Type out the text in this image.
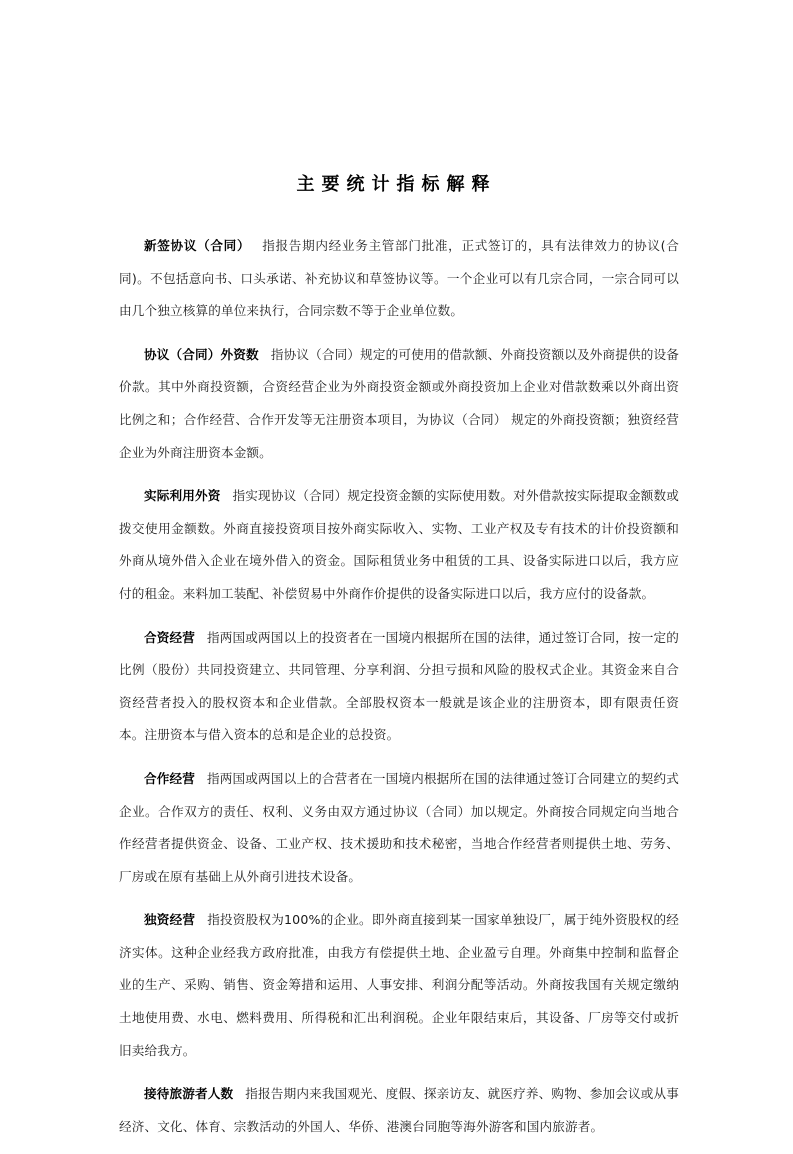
主要统计指标解释

新签协议（合同） 指报告期内经业务主管部门批准，正式签订的，具有法律效力的协议(合同)。不包括意向书、口头承诺、补充协议和草签协议等。一个企业可以有几宗合同，一宗合同可以由几个独立核算的单位来执行，合同宗数不等于企业单位数。

协议（合同）外资数 指协议（合同）规定的可使用的借款额、外商投资额以及外商提供的设备价款。其中外商投资额，合资经营企业为外商投资金额或外商投资加上企业对借款数乘以外商出资比例之和；合作经营、合作开发等无注册资本项目，为协议（合同） 规定的外商投资额；独资经营企业为外商注册资本金额。

实际利用外资 指实现协议（合同）规定投资金额的实际使用数。对外借款按实际提取金额数或拨交使用金额数。外商直接投资项目按外商实际收入、实物、工业产权及专有技术的计价投资额和外商从境外借入企业在境外借入的资金。国际租赁业务中租赁的工具、设备实际进口以后，我方应付的租金。来料加工装配、补偿贸易中外商作价提供的设备实际进口以后，我方应付的设备款。

合资经营 指两国或两国以上的投资者在一国境内根据所在国的法律，通过签订合同，按一定的比例（股份）共同投资建立、共同管理、分享利润、分担亏损和风险的股权式企业。其资金来自合资经营者投入的股权资本和企业借款。全部股权资本一般就是该企业的注册资本，即有限责任资本。注册资本与借入资本的总和是企业的总投资。

合作经营 指两国或两国以上的合营者在一国境内根据所在国的法律通过签订合同建立的契约式企业。合作双方的责任、权利、义务由双方通过协议（合同）加以规定。外商按合同规定向当地合作经营者提供资金、设备、工业产权、技术援助和技术秘密，当地合作经营者则提供土地、劳务、厂房或在原有基础上从外商引进技术设备。

独资经营 指投资股权为100%的企业。即外商直接到某一国家单独设厂，属于纯外资股权的经济实体。这种企业经我方政府批准，由我方有偿提供土地、企业盈亏自理。外商集中控制和监督企业的生产、采购、销售、资金筹措和运用、人事安排、利润分配等活动。外商按我国有关规定缴纳土地使用费、水电、燃料费用、所得税和汇出利润税。企业年限结束后，其设备、厂房等交付或折旧卖给我方。

接待旅游者人数 指报告期内来我国观光、度假、探亲访友、就医疗养、购物、参加会议或从事经济、文化、体育、宗教活动的外国人、华侨、港澳台同胞等海外游客和国内旅游者。
